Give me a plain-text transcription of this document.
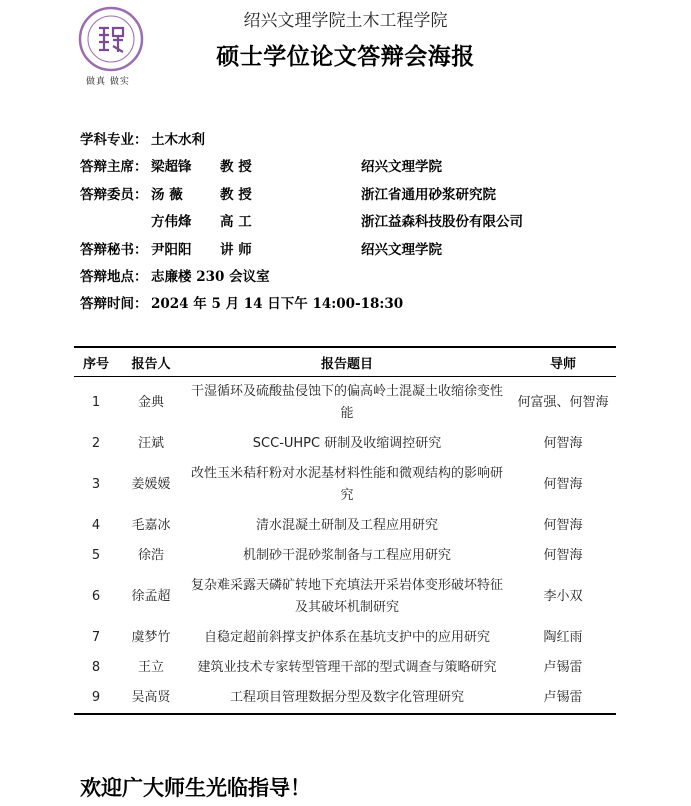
做真 做实
绍兴文理学院土木工程学院
硕士学位论文答辩会海报
学科专业： 土木水利
答辩主席： 梁超锋 教 授	绍兴文理学院
答辩委员： 汤 薇	教 授	浙江省通用砂浆研究院
方伟烽 高 工	浙江益森科技股份有限公司
答辩秘书： 尹阳阳 讲 师	绍兴文理学院
答辩地点： 志廉楼 230 会议室
答辩时间： 2024 年 5 月 14 日下午 14:00-18:30
序号	报告人	报告题目	导师
1	金典	干湿循环及硫酸盐侵蚀下的偏高岭土混凝土收缩徐变性能	何富强、何智海
2	汪斌	SCC-UHPC 研制及收缩调控研究	何智海
3	姜媛媛	改性玉米秸秆粉对水泥基材料性能和微观结构的影响研究	何智海
4	毛嘉冰	清水混凝土研制及工程应用研究	何智海
5	徐浩	机制砂干混砂浆制备与工程应用研究	何智海
6	徐孟超	复杂难采露天磷矿转地下充填法开采岩体变形破坏特征及其破坏机制研究	李小双
7	虞梦竹	自稳定超前斜撑支护体系在基坑支护中的应用研究	陶红雨
8	王立	建筑业技术专家转型管理干部的型式调查与策略研究	卢锡雷
9	吴高贤	工程项目管理数据分型及数字化管理研究	卢锡雷
欢迎广大师生光临指导！
